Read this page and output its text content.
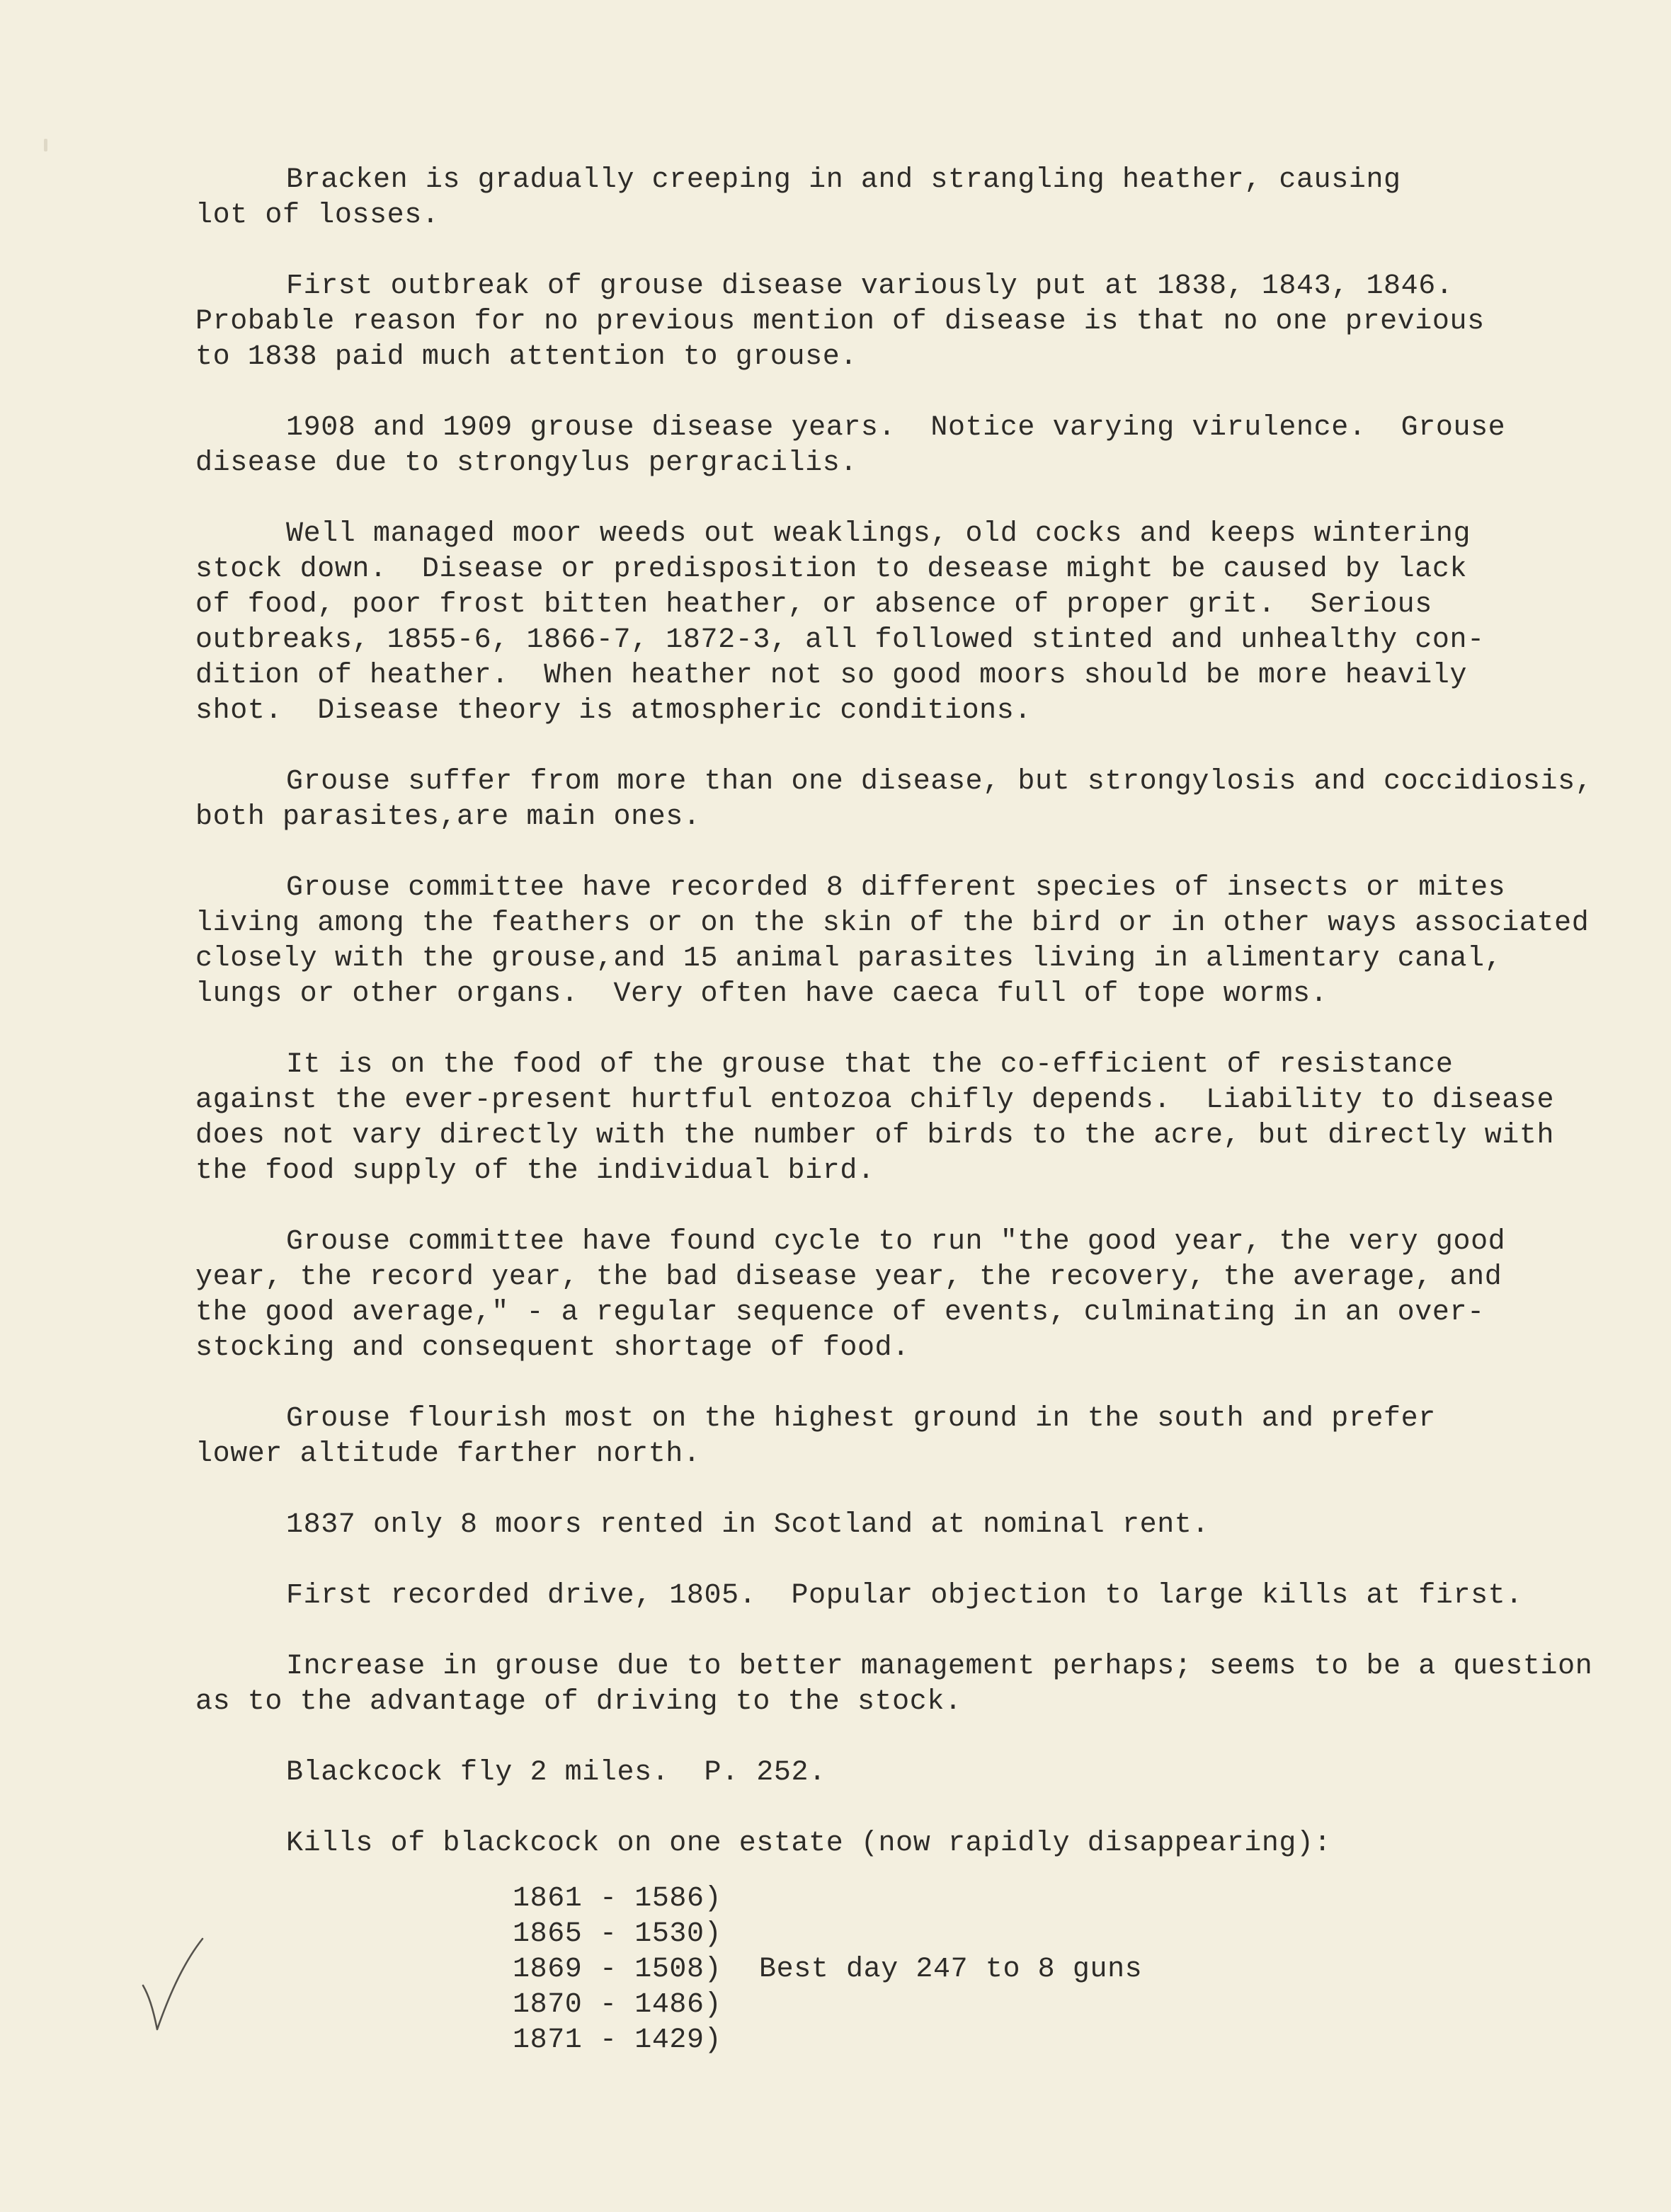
Bracken is gradually creeping in and strangling heather, causing
lot of losses.
First outbreak of grouse disease variously put at 1838, 1843, 1846.
Probable reason for no previous mention of disease is that no one previous
to 1838 paid much attention to grouse.
1908 and 1909 grouse disease years.  Notice varying virulence.  Grouse
disease due to strongylus pergracilis.
Well managed moor weeds out weaklings, old cocks and keeps wintering
stock down.  Disease or predisposition to desease might be caused by lack
of food, poor frost bitten heather, or absence of proper grit.  Serious
outbreaks, 1855-6, 1866-7, 1872-3, all followed stinted and unhealthy con-
dition of heather.  When heather not so good moors should be more heavily
shot.  Disease theory is atmospheric conditions.
Grouse suffer from more than one disease, but strongylosis and coccidiosis,
both parasites,are main ones.
Grouse committee have recorded 8 different species of insects or mites
living among the feathers or on the skin of the bird or in other ways associated
closely with the grouse,and 15 animal parasites living in alimentary canal,
lungs or other organs.  Very often have caeca full of tope worms.
It is on the food of the grouse that the co-efficient of resistance
against the ever-present hurtful entozoa chifly depends.  Liability to disease
does not vary directly with the number of birds to the acre, but directly with
the food supply of the individual bird.
Grouse committee have found cycle to run "the good year, the very good
year, the record year, the bad disease year, the recovery, the average, and
the good average," - a regular sequence of events, culminating in an over-
stocking and consequent shortage of food.
Grouse flourish most on the highest ground in the south and prefer
lower altitude farther north.
1837 only 8 moors rented in Scotland at nominal rent.
First recorded drive, 1805.  Popular objection to large kills at first.
Increase in grouse due to better management perhaps; seems to be a question
as to the advantage of driving to the stock.
Blackcock fly 2 miles.  P. 252.
Kills of blackcock on one estate (now rapidly disappearing):
1861 - 1586)
1865 - 1530)
1869 - 1508)
1870 - 1486)
1871 - 1429)
Best day 247 to 8 guns
